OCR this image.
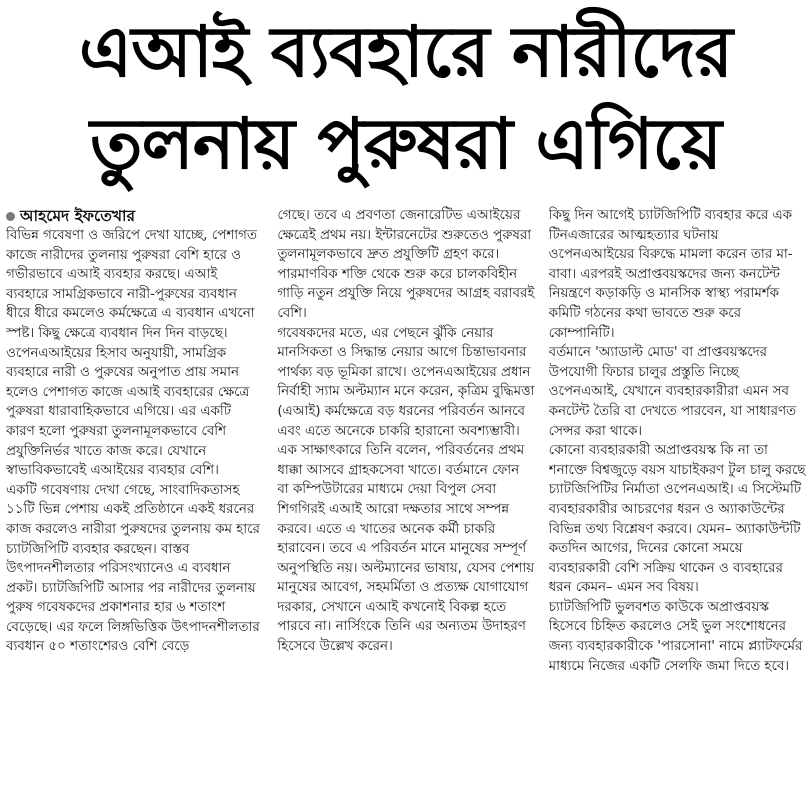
এআই ব্যবহারে নারীদের
তুলনায় পুরুষরা এগিয়ে
আহমেদ ইফতেখার

বিভিন্ন গবেষণা ও জরিপে দেখা যাচ্ছে, পেশাগত কাজে নারীদের তুলনায় পুরুষরা বেশি হারে ও গভীরভাবে এআই ব্যবহার করছে। এআই ব্যবহারে সামগ্রিকভাবে নারী-পুরুষের ব্যবধান ধীরে ধীরে কমলেও কর্মক্ষেত্রে এ ব্যবধান এখনো স্পষ্ট। কিছু ক্ষেত্রে ব্যবধান দিন দিন বাড়ছে।

ওপেনএআইয়ের হিসাব অনুযায়ী, সামগ্রিক ব্যবহারে নারী ও পুরুষের অনুপাত প্রায় সমান হলেও পেশাগত কাজে এআই ব্যবহারের ক্ষেত্রে পুরুষরা ধারাবাহিকভাবে এগিয়ে। এর একটি কারণ হলো পুরুষরা তুলনামূলকভাবে বেশি প্রযুক্তিনির্ভর খাতে কাজ করে। যেখানে স্বাভাবিকভাবেই এআইয়ের ব্যবহার বেশি।

একটি গবেষণায় দেখা গেছে, সাংবাদিকতাসহ ১১টি ভিন্ন পেশায় একই প্রতিষ্ঠানে একই ধরনের কাজ করলেও নারীরা পুরুষদের তুলনায় কম হারে চ্যাটজিপিটি ব্যবহার করছেন। বাস্তব উৎপাদনশীলতার পরিসংখ্যানেও এ ব্যবধান প্রকট। চ্যাটজিপিটি আসার পর নারীদের তুলনায় পুরুষ গবেষকদের প্রকাশনার হার ৬ শতাংশ বেড়েছে। এর ফলে লিঙ্গভিত্তিক উৎপাদনশীলতার ব্যবধান ৫০ শতাংশেরও বেশি বেড়ে

গেছে। তবে এ প্রবণতা জেনারেটিভ এআইয়ের ক্ষেত্রেই প্রথম নয়। ইন্টারনেটের শুরুতেও পুরুষরা তুলনামূলকভাবে দ্রুত প্রযুক্তিটি গ্রহণ করে। পারমাণবিক শক্তি থেকে শুরু করে চালকবিহীন গাড়ি নতুন প্রযুক্তি নিয়ে পুরুষদের আগ্রহ বরাবরই বেশি।

গবেষকদের মতে, এর পেছনে ঝুঁকি নেয়ার মানসিকতা ও সিদ্ধান্ত নেয়ার আগে চিন্তাভাবনার পার্থক্য বড় ভূমিকা রাখে। ওপেনএআইয়ের প্রধান নির্বাহী স্যাম অল্টম্যান মনে করেন, কৃত্রিম বুদ্ধিমত্তা (এআই) কর্মক্ষেত্রে বড় ধরনের পরিবর্তন আনবে এবং এতে অনেকে চাকরি হারানো অবশ্যম্ভাবী।

এক সাক্ষাৎকারে তিনি বলেন, পরিবর্তনের প্রথম ধাক্কা আসবে গ্রাহকসেবা খাতে। বর্তমানে ফোন বা কম্পিউটারের মাধ্যমে দেয়া বিপুল সেবা শিগগিরই এআই আরো দক্ষতার সাথে সম্পন্ন করবে। এতে এ খাতের অনেক কর্মী চাকরি হারাবেন। তবে এ পরিবর্তন মানে মানুষের সম্পূর্ণ অনুপস্থিতি নয়। অল্টম্যানের ভাষায়, যেসব পেশায় মানুষের আবেগ, সহমর্মিতা ও প্রত্যক্ষ যোগাযোগ দরকার, সেখানে এআই কখনোই বিকল্প হতে পারবে না। নার্সিংকে তিনি এর অন্যতম উদাহরণ হিসেবে উল্লেখ করেন।

কিছু দিন আগেই চ্যাটজিপিটি ব্যবহার করে এক টিনএজারের আত্মহত্যার ঘটনায় ওপেনএআইয়ের বিরুদ্ধে মামলা করেন তার মা-বাবা। এরপরই অপ্রাপ্তবয়স্কদের জন্য কনটেন্ট নিয়ন্ত্রণে কড়াকড়ি ও মানসিক স্বাস্থ্য পরামর্শক কমিটি গঠনের কথা ভাবতে শুরু করে কোম্পানিটি।

বর্তমানে 'অ্যাডাল্ট মোড' বা প্রাপ্তবয়স্কদের উপযোগী ফিচার চালুর প্রস্তুতি নিচ্ছে ওপেনএআই, যেখানে ব্যবহারকারীরা এমন সব কনটেন্ট তৈরি বা দেখতে পারবেন, যা সাধারণত সেন্সর করা থাকে।

কোনো ব্যবহারকারী অপ্রাপ্তবয়স্ক কি না তা শনাক্তে বিশ্বজুড়ে বয়স যাচাইকরণ টুল চালু করছে চ্যাটজিপিটির নির্মাতা ওপেনএআই। এ সিস্টেমটি ব্যবহারকারীর আচরণের ধরন ও অ্যাকাউন্টের বিভিন্ন তথ্য বিশ্লেষণ করবে। যেমন– অ্যাকাউন্টটি কতদিন আগের, দিনের কোনো সময়ে ব্যবহারকারী বেশি সক্রিয় থাকেন ও ব্যবহারের ধরন কেমন– এমন সব বিষয়।

চ্যাটজিপিটি ভুলবশত কাউকে অপ্রাপ্তবয়স্ক হিসেবে চিহ্নিত করলেও সেই ভুল সংশোধনের জন্য ব্যবহারকারীকে 'পারসোনা' নামে প্ল্যাটফর্মের মাধ্যমে নিজের একটি সেলফি জমা দিতে হবে।
